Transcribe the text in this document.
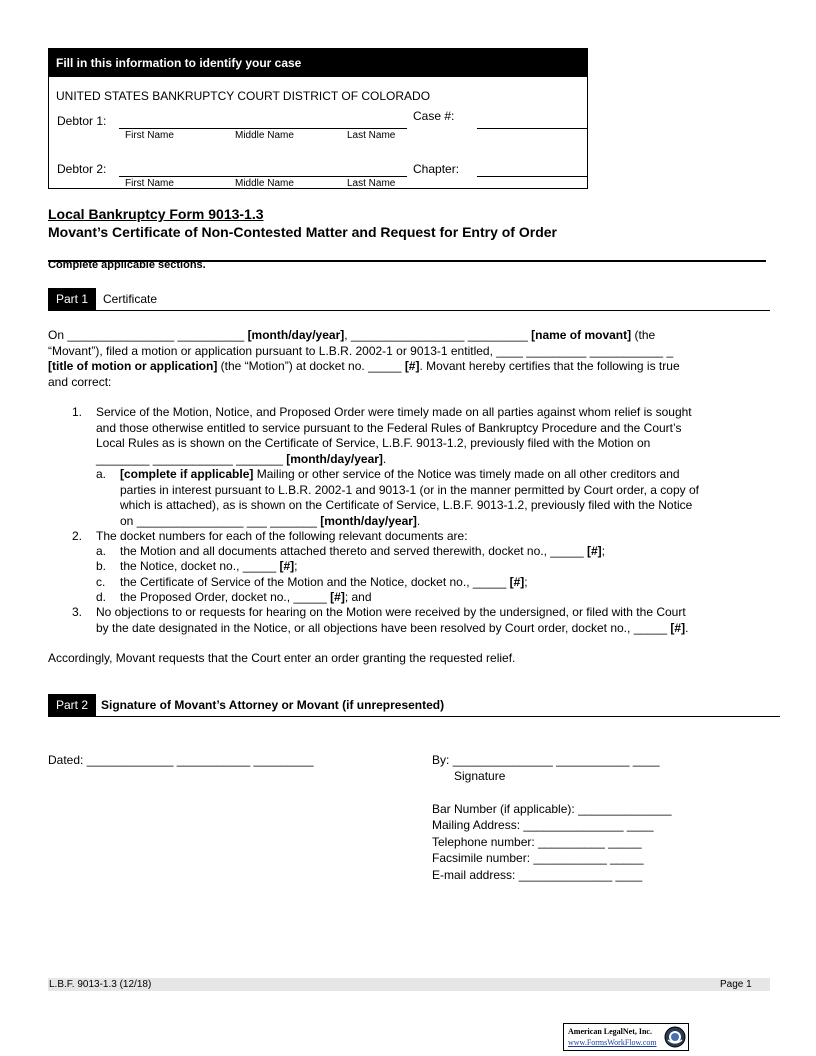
Fill in this information to identify your case
UNITED STATES BANKRUPTCY COURT DISTRICT OF COLORADO
Debtor 1:
First Name	Middle Name	Last Name
Case #:
Debtor 2:
First Name	Middle Name	Last Name
Chapter:
Local Bankruptcy Form 9013-1.3
Movant’s Certificate of Non-Contested Matter and Request for Entry of Order
Complete applicable sections.
Part 1	Certificate
On ________________ __________ [month/day/year], _________________ _________ [name of movant] (the
“Movant”), filed a motion or application pursuant to L.B.R. 2002-1 or 9013-1 entitled, ____ _________ ___________ _
[title of motion or application] (the “Motion”) at docket no. _____ [#]. Movant hereby certifies that the following is true
and correct:
1. Service of the Motion, Notice, and Proposed Order were timely made on all parties against whom relief is sought
and those otherwise entitled to service pursuant to the Federal Rules of Bankruptcy Procedure and the Court’s
Local Rules as is shown on the Certificate of Service, L.B.F. 9013-1.2, previously filed with the Motion on
________ ____________ _______ [month/day/year].
a. [complete if applicable] Mailing or other service of the Notice was timely made on all other creditors and
parties in interest pursuant to L.B.R. 2002-1 and 9013-1 (or in the manner permitted by Court order, a copy of
which is attached), as is shown on the Certificate of Service, L.B.F. 9013-1.2, previously filed with the Notice
on ________________ ___ _______ [month/day/year].
2. The docket numbers for each of the following relevant documents are:
a. the Motion and all documents attached thereto and served therewith, docket no., _____ [#];
b. the Notice, docket no., _____ [#];
c. the Certificate of Service of the Motion and the Notice, docket no., _____ [#];
d. the Proposed Order, docket no., _____ [#]; and
3. No objections to or requests for hearing on the Motion were received by the undersigned, or filed with the Court
by the date designated in the Notice, or all objections have been resolved by Court order, docket no., _____ [#].
Accordingly, Movant requests that the Court enter an order granting the requested relief.
Part 2	Signature of Movant’s Attorney or Movant (if unrepresented)
Dated: _____________ ___________ _________	By: _______________ ___________ ____
Signature
Bar Number (if applicable): ______________
Mailing Address: _______________ ____
Telephone number: __________ _____
Facsimile number: ___________ _____
E-mail address: ______________ ____
L.B.F. 9013-1.3 (12/18)	Page 1
American LegalNet, Inc.
www.FormsWorkFlow.com
